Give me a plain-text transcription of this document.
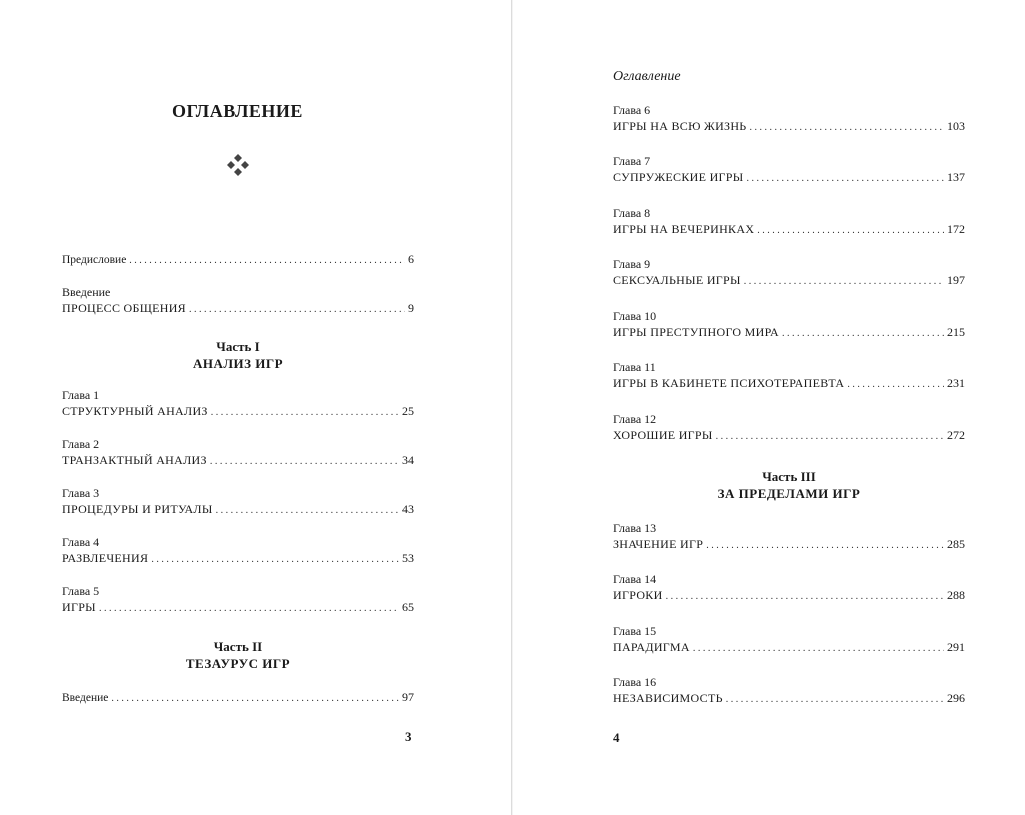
ОГЛАВЛЕНИЕ
Предисловие . . .	6
Введение
ПРОЦЕСС ОБЩЕНИЯ . . .	9
Часть I
АНАЛИЗ ИГР
Глава 1
СТРУКТУРНЫЙ АНАЛИЗ . . .	25
Глава 2
ТРАНЗАКТНЫЙ АНАЛИЗ . . .	34
Глава 3
ПРОЦЕДУРЫ И РИТУАЛЫ . . .	43
Глава 4
РАЗВЛЕЧЕНИЯ . . .	53
Глава 5
ИГРЫ . . .	65
Часть II
ТЕЗАУРУС ИГР
Введение . . .	97
3
Оглавление
Глава 6
ИГРЫ НА ВСЮ ЖИЗНЬ . . .	103
Глава 7
СУПРУЖЕСКИЕ ИГРЫ . . .	137
Глава 8
ИГРЫ НА ВЕЧЕРИНКАХ . . .	172
Глава 9
СЕКСУАЛЬНЫЕ ИГРЫ . . .	197
Глава 10
ИГРЫ ПРЕСТУПНОГО МИРА . . .	215
Глава 11
ИГРЫ В КАБИНЕТЕ ПСИХОТЕРАПЕВТА . . .	231
Глава 12
ХОРОШИЕ ИГРЫ . . .	272
Часть III
ЗА ПРЕДЕЛАМИ ИГР
Глава 13
ЗНАЧЕНИЕ ИГР . . .	285
Глава 14
ИГРОКИ . . .	288
Глава 15
ПАРАДИГМА . . .	291
Глава 16
НЕЗАВИСИМОСТЬ . . .	296
4
